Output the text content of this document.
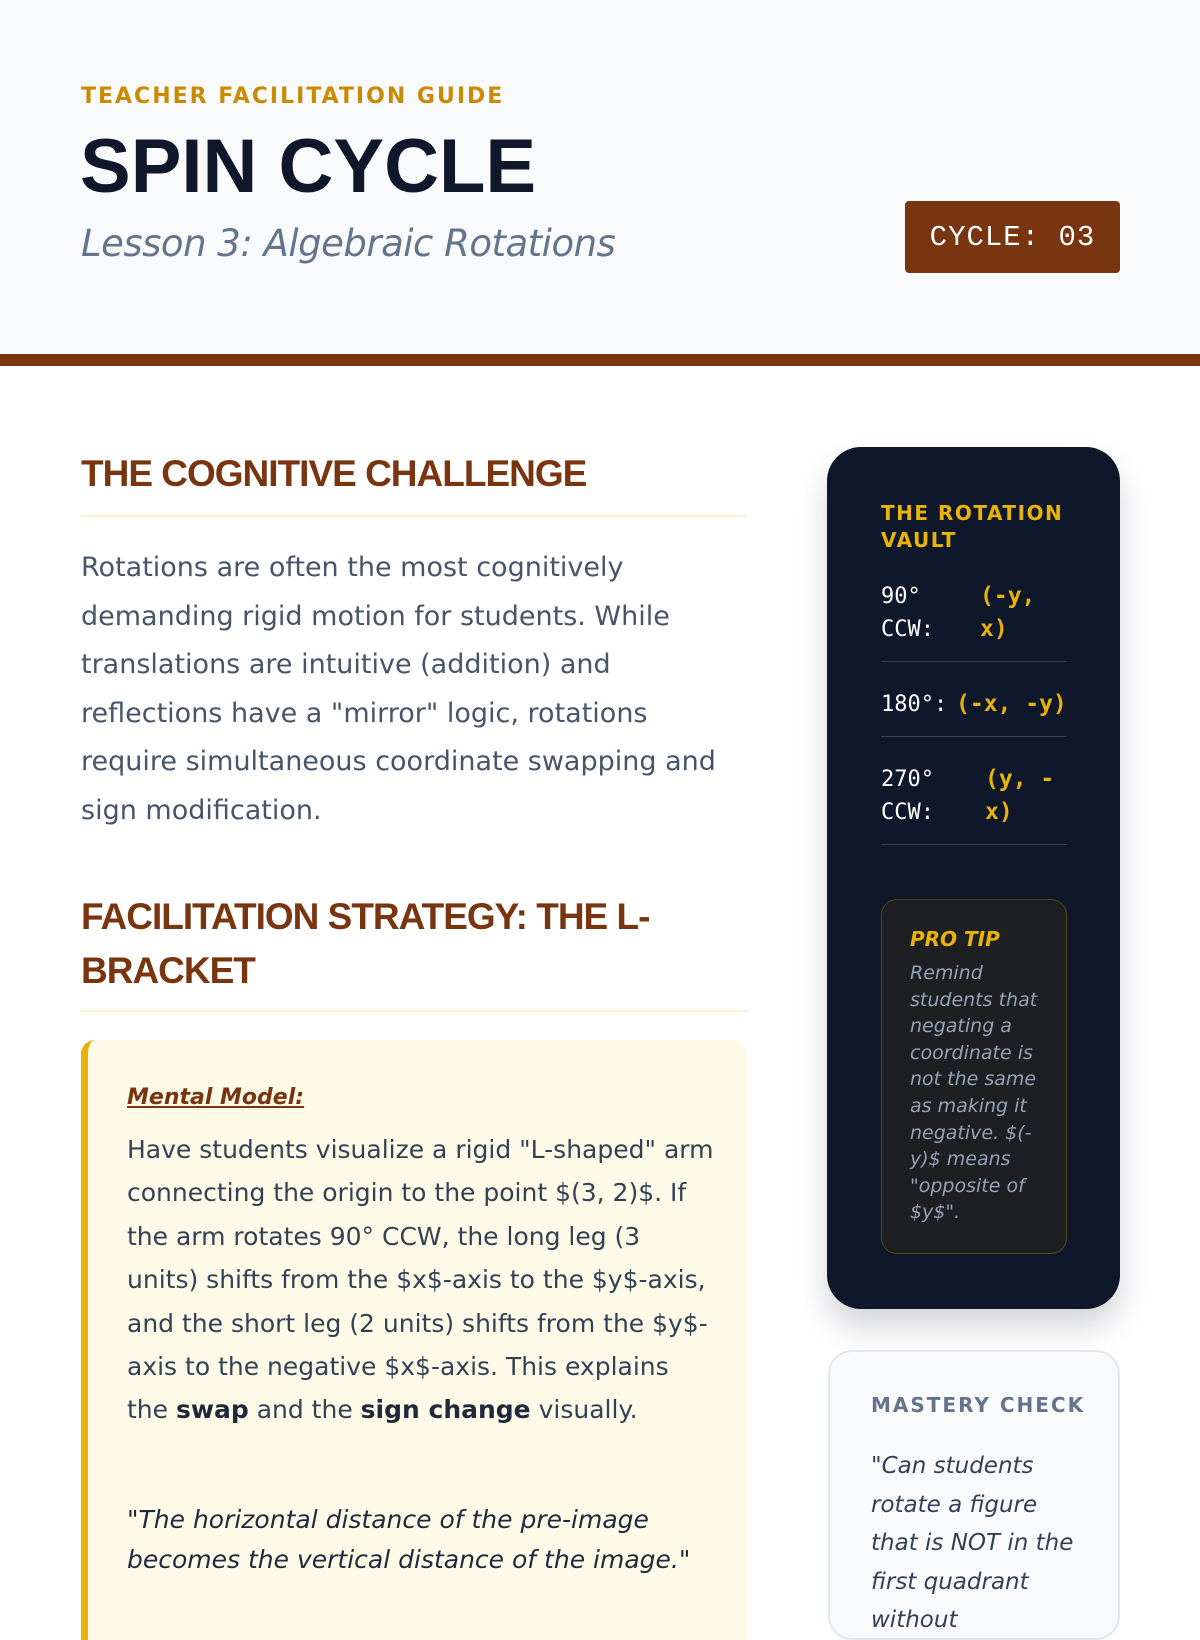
TEACHER FACILITATION GUIDE
SPIN CYCLE
Lesson 3: Algebraic Rotations	CYCLE: 03
THE COGNITIVE CHALLENGE

Rotations are often the most cognitively demanding rigid motion for students. While translations are intuitive (addition) and reflections have a "mirror" logic, rotations require simultaneous coordinate swapping and sign modification.

FACILITATION STRATEGY: THE L-BRACKET
Mental Model:

Have students visualize a rigid "L-shaped" arm connecting the origin to the point $(3, 2)$. If the arm rotates 90° CCW, the long leg (3 units) shifts from the $x$-axis to the $y$-axis, and the short leg (2 units) shifts from the $y$-axis to the negative $x$-axis. This explains the swap and the sign change visually.

"The horizontal distance of the pre-image becomes the vertical distance of the image."

THE ROTATION VAULT
90° CCW:
(-y, x)
180°: (-x, -y)
270° CCW:
(y, -x)
PRO TIP

Remind students that negating a coordinate is not the same as making it negative. $(-y)$ means "opposite of $y$".

MASTERY CHECK

"Can students rotate a figure that is NOT in the first quadrant without
